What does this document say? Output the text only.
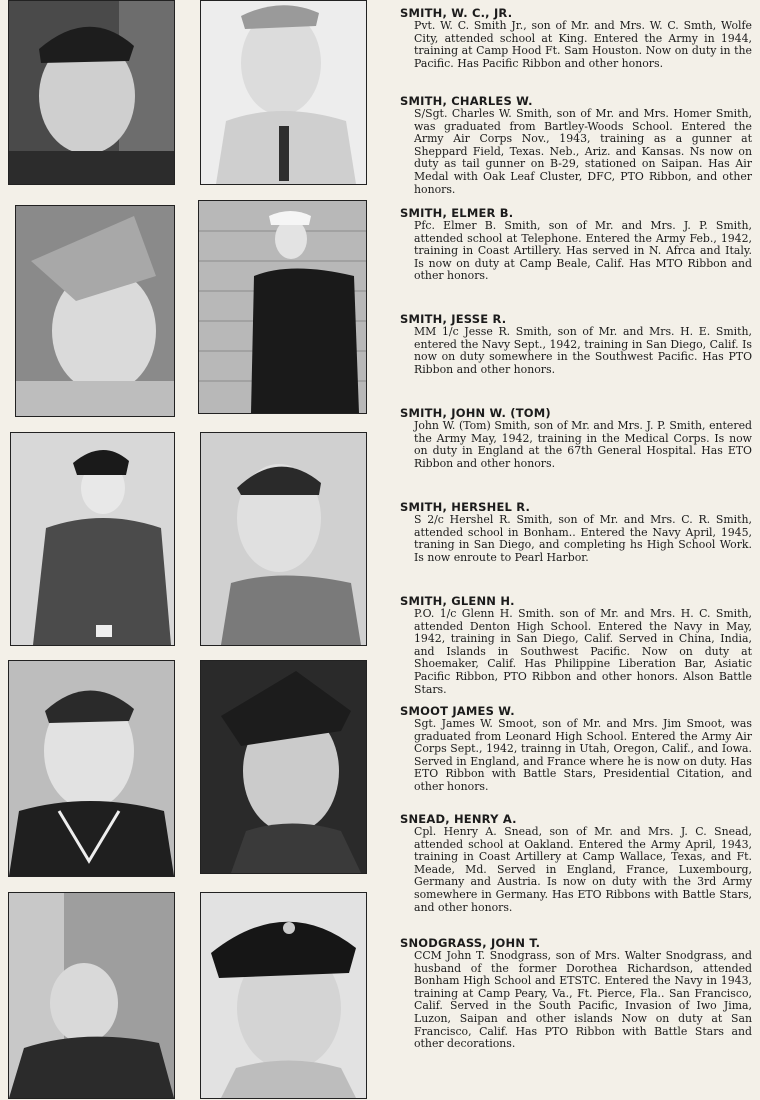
SMITH, W. C., JR.
Pvt. W. C. Smith Jr., son of Mr. and Mrs. W. C. Smth, Wolfe City, attended school at King. Entered the Army in 1944, training at Camp Hood Ft. Sam Houston. Now on duty in the Pacific. Has Pacific Ribbon and other honors.
SMITH, CHARLES W.
S/Sgt. Charles W. Smith, son of Mr. and Mrs. Homer Smith, was graduated from Bartley-Woods School. Entered the Army Air Corps Nov., 1943, training as a gunner at Sheppard Field, Texas. Neb., Ariz. and Kansas. Ns now on duty as tail gunner on B-29, stationed on Saipan. Has Air Medal with Oak Leaf Cluster, DFC, PTO Ribbon, and other honors.
SMITH, ELMER B.
Pfc. Elmer B. Smith, son of Mr. and Mrs. J. P. Smith, attended school at Telephone. Entered the Army Feb., 1942, training in Coast Artillery. Has served in N. Afrca and Italy. Is now on duty at Camp Beale, Calif. Has MTO Ribbon and other honors.
SMITH, JESSE R.
MM 1/c Jesse R. Smith, son of Mr. and Mrs. H. E. Smith, entered the Navy Sept., 1942, training in San Diego, Calif. Is now on duty somewhere in the Southwest Pacific. Has PTO Ribbon and other honors.
SMITH, JOHN W. (TOM)
John W. (Tom) Smith, son of Mr. and Mrs. J. P. Smith, entered the Army May, 1942, training in the Medical Corps. Is now on duty in England at the 67th General Hospital. Has ETO Ribbon and other honors.
SMITH, HERSHEL R.
S 2/c Hershel R. Smith, son of Mr. and Mrs. C. R. Smith, attended school in Bonham.. Entered the Navy April, 1945, traning in San Diego, and completing hs High School Work. Is now enroute to Pearl Harbor.
SMITH, GLENN H.
P.O. 1/c Glenn H. Smith. son of Mr. and Mrs. H. C. Smith, attended Denton High School. Entered the Navy in May, 1942, training in San Diego, Calif. Served in China, India, and Islands in Southwest Pacific. Now on duty at Shoemaker, Calif. Has Philippine Liberation Bar, Asiatic Pacific Ribbon, PTO Ribbon and other honors. Alson Battle Stars.
SMOOT JAMES W.
Sgt. James W. Smoot, son of Mr. and Mrs. Jim Smoot, was graduated from Leonard High School. Entered the Army Air Corps Sept., 1942, trainng in Utah, Oregon, Calif., and Iowa. Served in England, and France where he is now on duty. Has ETO Ribbon with Battle Stars, Presidential Citation, and other honors.
SNEAD, HENRY A.
Cpl. Henry A. Snead, son of Mr. and Mrs. J. C. Snead, attended school at Oakland. Entered the Army April, 1943, training in Coast Artillery at Camp Wallace, Texas, and Ft. Meade, Md. Served in England, France, Luxembourg, Germany and Austria. Is now on duty with the 3rd Army somewhere in Germany. Has ETO Ribbons with Battle Stars, and other honors.
SNODGRASS, JOHN T.
CCM John T. Snodgrass, son of Mrs. Walter Snodgrass, and husband of the former Dorothea Richardson, attended Bonham High School and ETSTC. Entered the Navy in 1943, training at Camp Peary, Va., Ft. Pierce, Fla.. San Francisco, Calif. Served in the South Pacific, Invasion of Iwo Jima, Luzon, Saipan and other islands Now on duty at San Francisco, Calif. Has PTO Ribbon with Battle Stars and other decorations.
